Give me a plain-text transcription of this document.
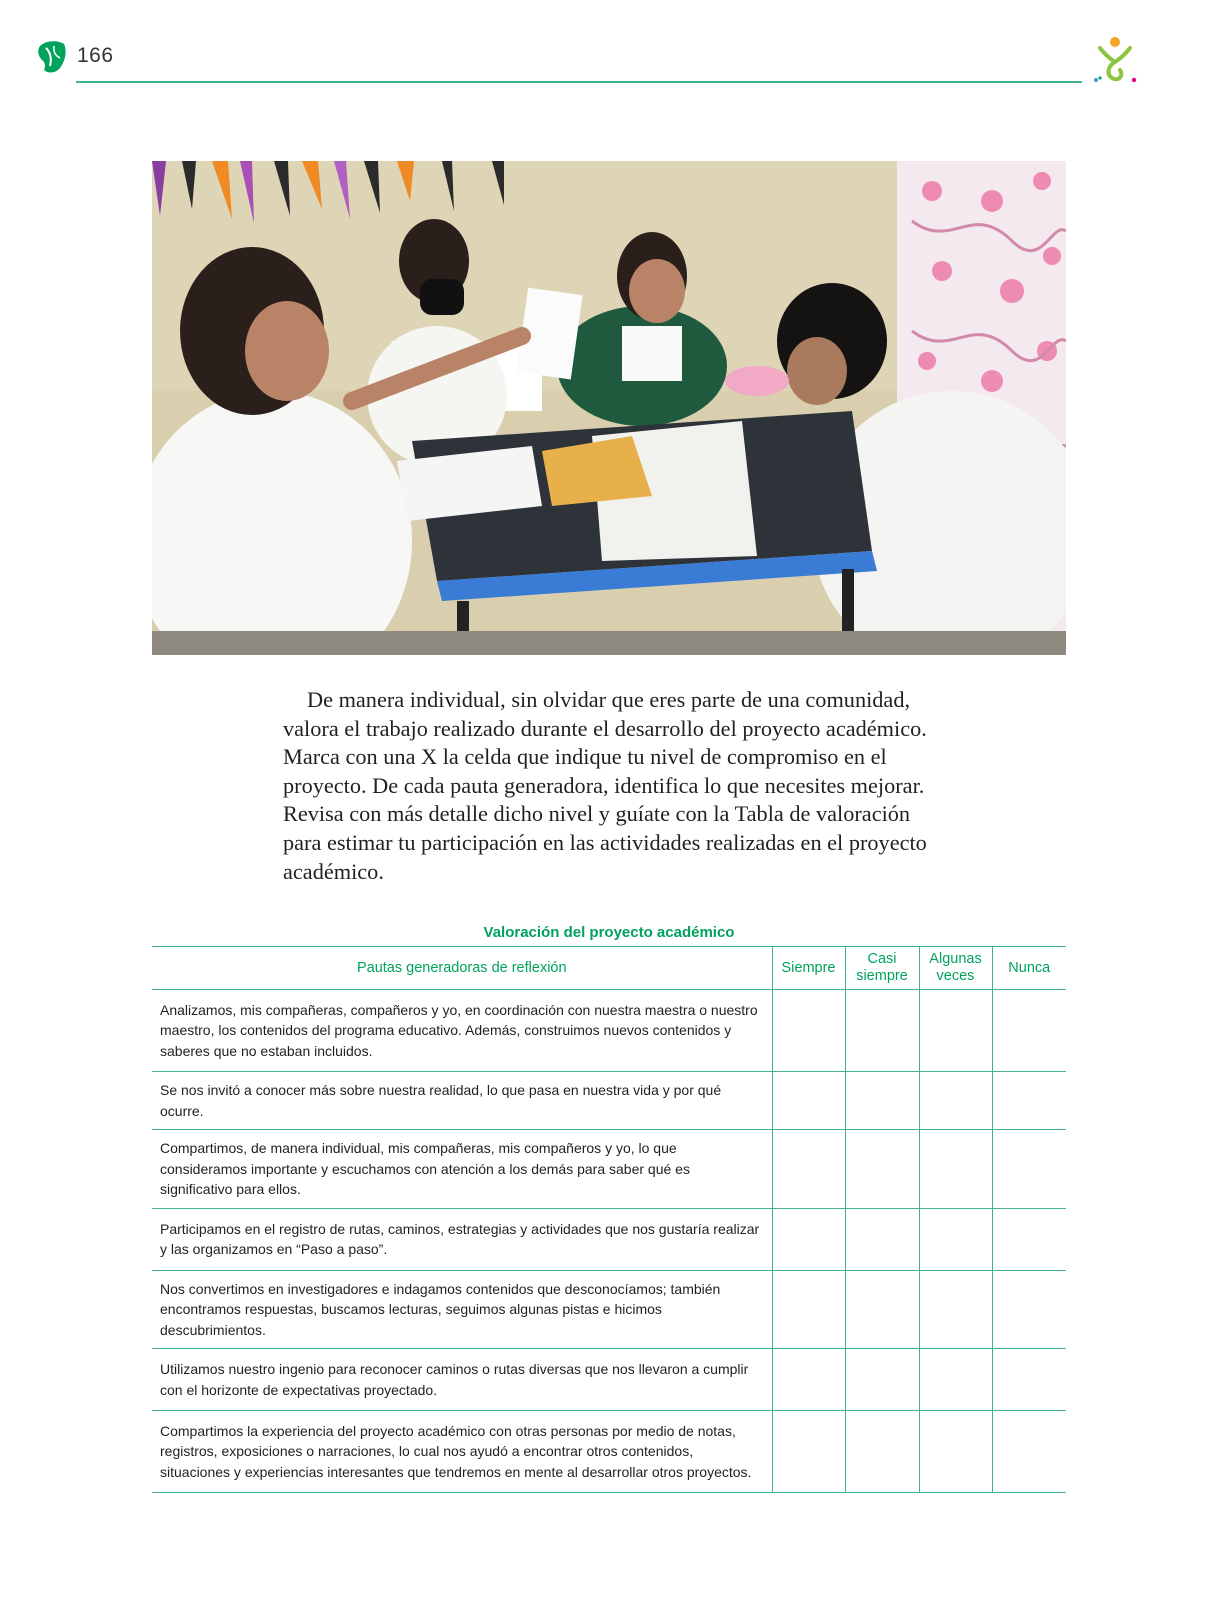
166

De manera individual, sin olvidar que eres parte de una comunidad, valora el trabajo realizado durante el desarrollo del proyecto académico. Marca con una X la celda que indique tu nivel de compromiso en el proyecto. De cada pauta generadora, identifica lo que necesites mejorar. Revisa con más detalle dicho nivel y guíate con la Tabla de valoración para estimar tu participación en las actividades realizadas en el proyecto académico.

Valoración del proyecto académico
Pautas generadoras de reflexión	Siempre	Casi siempre	Algunas veces	Nunca
Analizamos, mis compañeras, compañeros y yo, en coordinación con nuestra maestra o nuestro maestro, los contenidos del programa educativo. Además, construimos nuevos contenidos y saberes que no estaban incluidos.				
Se nos invitó a conocer más sobre nuestra realidad, lo que pasa en nuestra vida y por qué ocurre.				
Compartimos, de manera individual, mis compañeras, mis compañeros y yo, lo que consideramos importante y escuchamos con atención a los demás para saber qué es significativo para ellos.				
Participamos en el registro de rutas, caminos, estrategias y actividades que nos gustaría realizar y las organizamos en “Paso a paso”.				
Nos convertimos en investigadores e indagamos contenidos que desconocíamos; también encontramos respuestas, buscamos lecturas, seguimos algunas pistas e hicimos descubrimientos.				
Utilizamos nuestro ingenio para reconocer caminos o rutas diversas que nos llevaron a cumplir con el horizonte de expectativas proyectado.				
Compartimos la experiencia del proyecto académico con otras personas por medio de notas, registros, exposiciones o narraciones, lo cual nos ayudó a encontrar otros contenidos, situaciones y experiencias interesantes que tendremos en mente al desarrollar otros proyectos.				
